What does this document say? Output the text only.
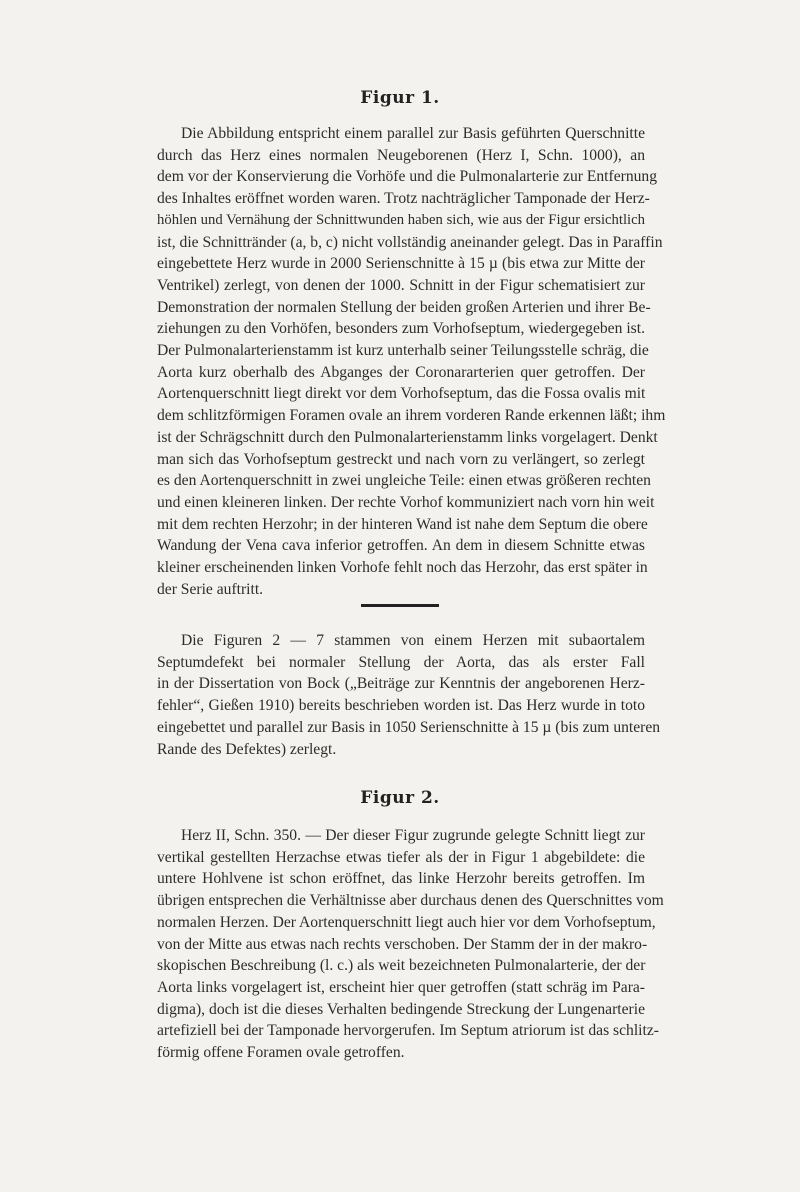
Figur 1.
Die Abbildung entspricht einem parallel zur Basis geführten Querschnitte
durch das Herz eines normalen Neugeborenen (Herz I, Schn. 1000), an
dem vor der Konservierung die Vorhöfe und die Pulmonalarterie zur Entfernung
des Inhaltes eröffnet worden waren. Trotz nachträglicher Tamponade der Herz-
höhlen und Vernähung der Schnittwunden haben sich, wie aus der Figur ersichtlich
ist, die Schnittränder (a, b, c) nicht vollständig aneinander gelegt. Das in Paraffin
eingebettete Herz wurde in 2000 Serienschnitte à 15 µ (bis etwa zur Mitte der
Ventrikel) zerlegt, von denen der 1000. Schnitt in der Figur schematisiert zur
Demonstration der normalen Stellung der beiden großen Arterien und ihrer Be-
ziehungen zu den Vorhöfen, besonders zum Vorhofseptum, wiedergegeben ist.
Der Pulmonalarterienstamm ist kurz unterhalb seiner Teilungsstelle schräg, die
Aorta kurz oberhalb des Abganges der Coronararterien quer getroffen. Der
Aortenquerschnitt liegt direkt vor dem Vorhofseptum, das die Fossa ovalis mit
dem schlitzförmigen Foramen ovale an ihrem vorderen Rande erkennen läßt; ihm
ist der Schrägschnitt durch den Pulmonalarterienstamm links vorgelagert. Denkt
man sich das Vorhofseptum gestreckt und nach vorn zu verlängert, so zerlegt
es den Aortenquerschnitt in zwei ungleiche Teile: einen etwas größeren rechten
und einen kleineren linken. Der rechte Vorhof kommuniziert nach vorn hin weit
mit dem rechten Herzohr; in der hinteren Wand ist nahe dem Septum die obere
Wandung der Vena cava inferior getroffen. An dem in diesem Schnitte etwas
kleiner erscheinenden linken Vorhofe fehlt noch das Herzohr, das erst später in
der Serie auftritt.
Die Figuren 2 — 7 stammen von einem Herzen mit subaortalem
Septumdefekt bei normaler Stellung der Aorta, das als erster Fall
in der Dissertation von Bock („Beiträge zur Kenntnis der angeborenen Herz-
fehler“, Gießen 1910) bereits beschrieben worden ist. Das Herz wurde in toto
eingebettet und parallel zur Basis in 1050 Serienschnitte à 15 µ (bis zum unteren
Rande des Defektes) zerlegt.
Figur 2.
Herz II, Schn. 350. — Der dieser Figur zugrunde gelegte Schnitt liegt zur
vertikal gestellten Herzachse etwas tiefer als der in Figur 1 abgebildete: die
untere Hohlvene ist schon eröffnet, das linke Herzohr bereits getroffen. Im
übrigen entsprechen die Verhältnisse aber durchaus denen des Querschnittes vom
normalen Herzen. Der Aortenquerschnitt liegt auch hier vor dem Vorhofseptum,
von der Mitte aus etwas nach rechts verschoben. Der Stamm der in der makro-
skopischen Beschreibung (l. c.) als weit bezeichneten Pulmonalarterie, der der
Aorta links vorgelagert ist, erscheint hier quer getroffen (statt schräg im Para-
digma), doch ist die dieses Verhalten bedingende Streckung der Lungenarterie
artefiziell bei der Tamponade hervorgerufen. Im Septum atriorum ist das schlitz-
förmig offene Foramen ovale getroffen.
